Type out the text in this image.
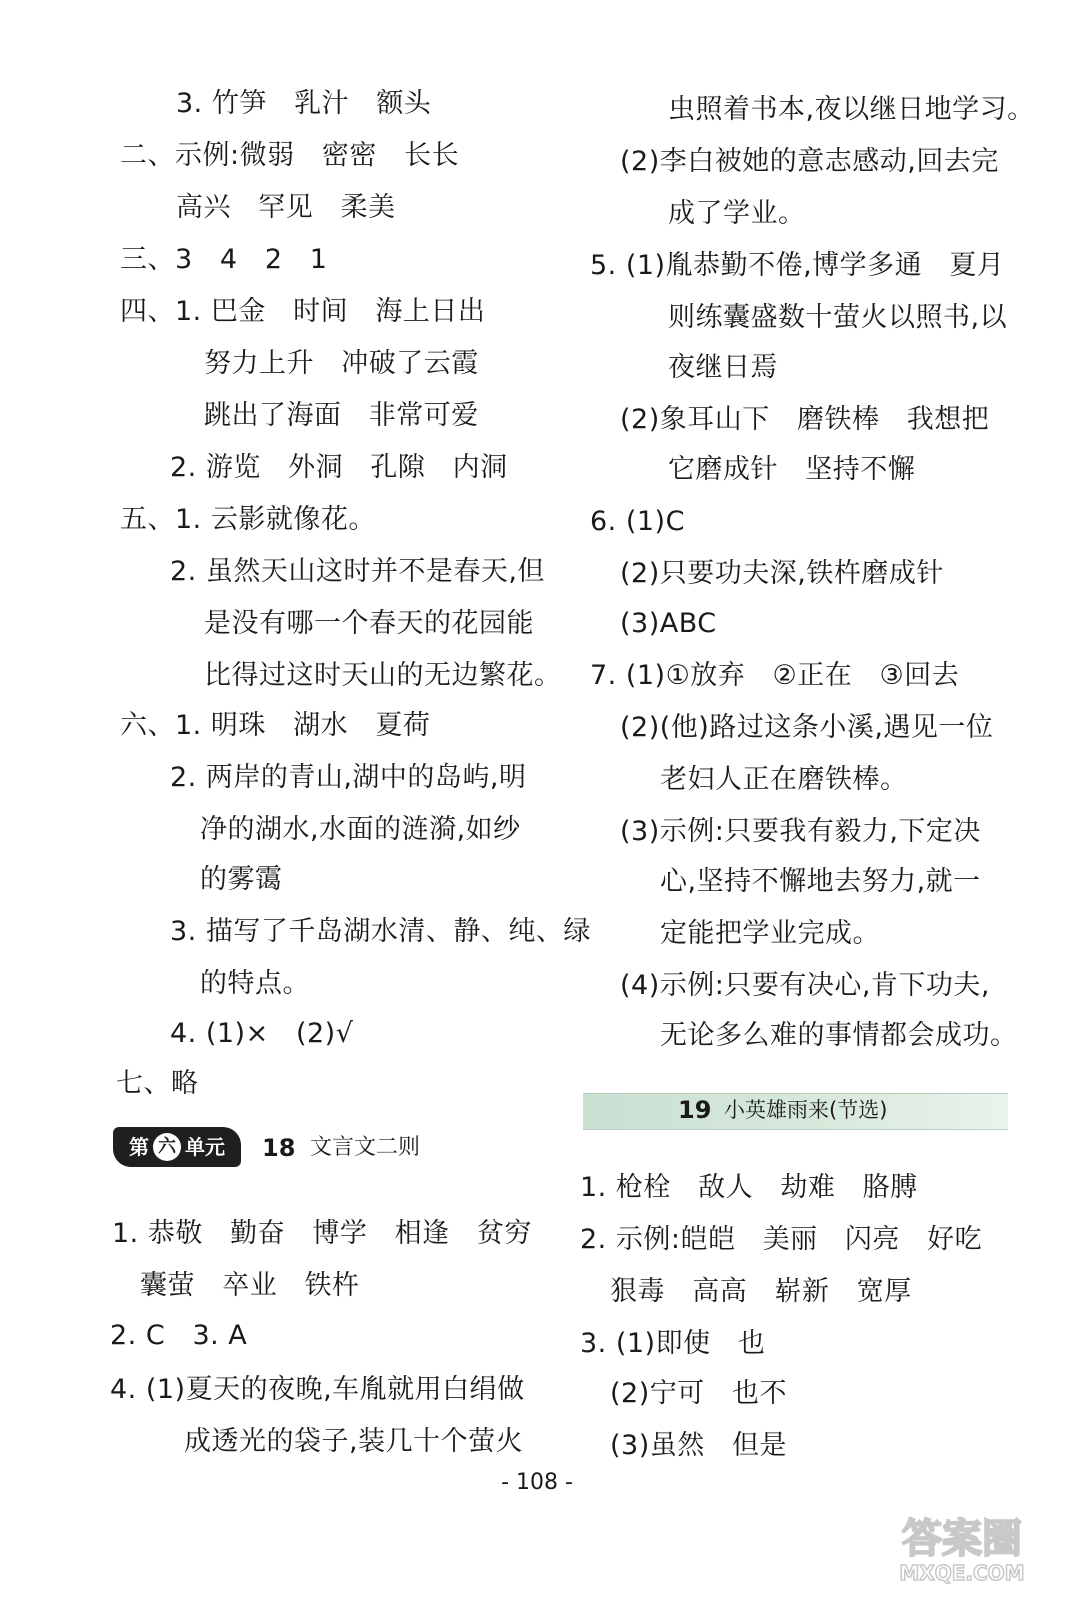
3. 竹笋   乳汁   额头
二、示例:微弱   密密   长长
高兴   罕见   柔美
三、3   4   2   1
四、1. 巴金   时间   海上日出
努力上升   冲破了云霞
跳出了海面   非常可爱
2. 游览   外洞   孔隙   内洞
五、1. 云影就像花。
2. 虽然天山这时并不是春天,但
是没有哪一个春天的花园能
比得过这时天山的无边繁花。
六、1. 明珠   湖水   夏荷
2. 两岸的青山,湖中的岛屿,明
净的湖水,水面的涟漪,如纱
的雾霭
3. 描写了千岛湖水清、静、纯、绿
的特点。
4. (1)×   (2)√
七、略
1. 恭敬   勤奋   博学   相逢   贫穷
囊萤   卒业   铁杵
2. C   3. A
4. (1)夏天的夜晚,车胤就用白绢做
成透光的袋子,装几十个萤火
第 六 单元 18 文言文二则
19 小英雄雨来(节选)
虫照着书本,夜以继日地学习。
(2)李白被她的意志感动,回去完
成了学业。
5. (1)胤恭勤不倦,博学多通   夏月
则练囊盛数十萤火以照书,以
夜继日焉
(2)象耳山下   磨铁棒   我想把
它磨成针   坚持不懈
6. (1)C
(2)只要功夫深,铁杵磨成针
(3)ABC
7. (1)①放弃   ②正在   ③回去
(2)(他)路过这条小溪,遇见一位
老妇人正在磨铁棒。
(3)示例:只要我有毅力,下定决
心,坚持不懈地去努力,就一
定能把学业完成。
(4)示例:只要有决心,肯下功夫,
无论多么难的事情都会成功。
1. 枪栓   敌人   劫难   胳膊
2. 示例:皑皑   美丽   闪亮   好吃
狠毒   高高   崭新   宽厚
3. (1)即使   也
(2)宁可   也不
(3)虽然   但是
- 108 -
答案圈
MXQE.COM
